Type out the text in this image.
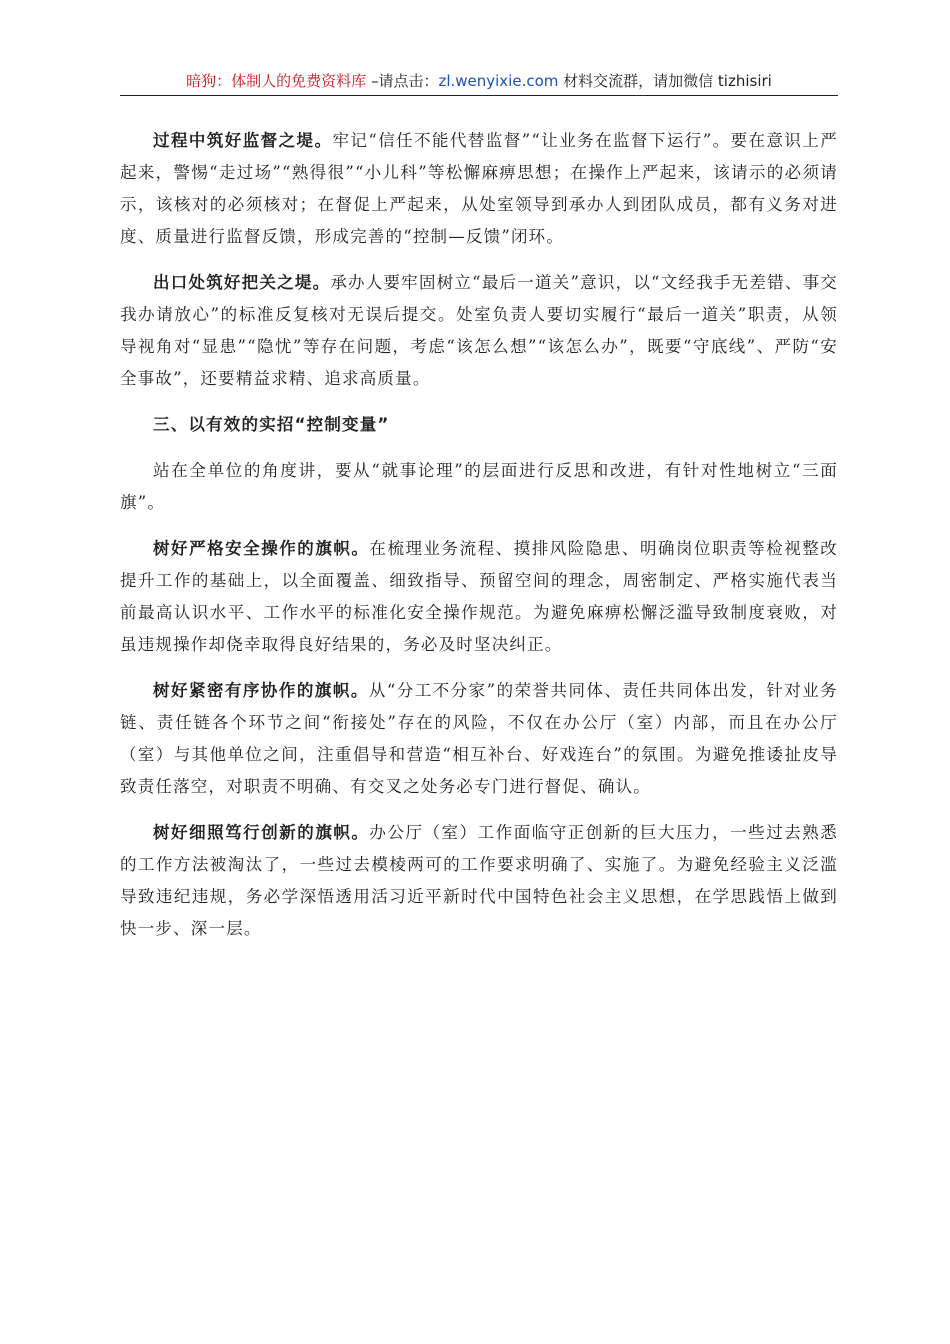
暗狗：体制人的免费资料库 –请点击：zl.wenyixie.com 材料交流群，请加微信 tizhisiri

过程中筑好监督之堤。牢记“信任不能代替监督”“让业务在监督下运行”。要在意识上严起来，警惕“走过场”“熟得很”“小儿科”等松懈麻痹思想；在操作上严起来，该请示的必须请示，该核对的必须核对；在督促上严起来，从处室领导到承办人到团队成员，都有义务对进度、质量进行监督反馈，形成完善的“控制—反馈”闭环。

出口处筑好把关之堤。承办人要牢固树立“最后一道关”意识，以“文经我手无差错、事交我办请放心”的标准反复核对无误后提交。处室负责人要切实履行“最后一道关”职责，从领导视角对“显患”“隐忧”等存在问题，考虑“该怎么想”“该怎么办”，既要“守底线”、严防“安全事故”，还要精益求精、追求高质量。

三、以有效的实招“控制变量”

站在全单位的角度讲，要从“就事论理”的层面进行反思和改进，有针对性地树立“三面旗”。

树好严格安全操作的旗帜。在梳理业务流程、摸排风险隐患、明确岗位职责等检视整改提升工作的基础上，以全面覆盖、细致指导、预留空间的理念，周密制定、严格实施代表当前最高认识水平、工作水平的标准化安全操作规范。为避免麻痹松懈泛滥导致制度衰败，对虽违规操作却侥幸取得良好结果的，务必及时坚决纠正。

树好紧密有序协作的旗帜。从“分工不分家”的荣誉共同体、责任共同体出发，针对业务链、责任链各个环节之间“衔接处”存在的风险，不仅在办公厅（室）内部，而且在办公厅（室）与其他单位之间，注重倡导和营造“相互补台、好戏连台”的氛围。为避免推诿扯皮导致责任落空，对职责不明确、有交叉之处务必专门进行督促、确认。

树好细照笃行创新的旗帜。办公厅（室）工作面临守正创新的巨大压力，一些过去熟悉的工作方法被淘汰了，一些过去模棱两可的工作要求明确了、实施了。为避免经验主义泛滥导致违纪违规，务必学深悟透用活习近平新时代中国特色社会主义思想，在学思践悟上做到快一步、深一层。
